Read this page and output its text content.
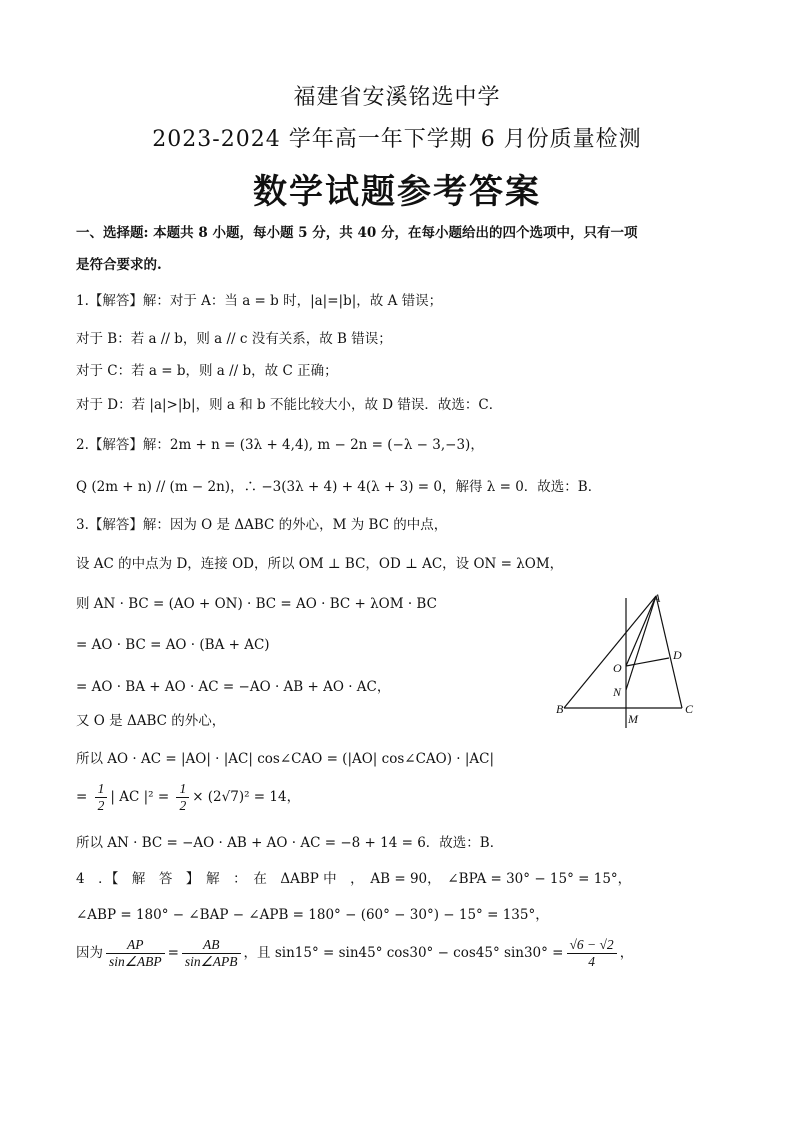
福建省安溪铭选中学
2023-2024 学年高一年下学期 6 月份质量检测
数学试题参考答案
一、选择题: 本题共 8 小题，每小题 5 分，共 40 分，在每小题给出的四个选项中，只有一项
是符合要求的.
1.【解答】解：对于 A：当 a = b 时，|a|=|b|，故 A 错误；
对于 B：若 a // b，则 a // c 没有关系，故 B 错误；
对于 C：若 a = b，则 a // b，故 C 正确；
对于 D：若 |a|>|b|，则 a 和 b 不能比较大小，故 D 错误．故选：C．
2.【解答】解：2m + n = (3λ + 4,4), m − 2n = (−λ − 3,−3)，
Q (2m + n) // (m − 2n)，∴ −3(3λ + 4) + 4(λ + 3) = 0，解得 λ = 0．故选：B．
3.【解答】解：因为 O 是 ΔABC 的外心，M 为 BC 的中点，
设 AC 的中点为 D，连接 OD，所以 OM ⊥ BC，OD ⊥ AC，设 ON = λOM，
则 AN · BC = (AO + ON) · BC = AO · BC + λOM · BC
= AO · BC = AO · (BA + AC)
= AO · BA + AO · AC = −AO · AB + AO · AC，
又 O 是 ΔABC 的外心，
所以 AO · AC = |AO| · |AC| cos∠CAO = (|AO| cos∠CAO) · |AC|
= $\frac{1}{2}$ | AC $|^2 = \frac{1}{2} \times (2√7)^2 = 14$，
所以 AN · BC = −AO · AB + AO · AC = −8 + 14 = 6．故选：B．
4　．【　解　答　】　解　：　在　ΔABP 中　，　AB = 90，　∠BPA = 30° − 15° = 15°，
∠ABP = 180° − ∠BAP − ∠APB = 180° − (60° − 30°) − 15° = 135°，
因为 $\frac{AP}{\text{sin∠ABP}} = \frac{AB}{\text{sin∠APB}}$ ，且 sin15° = sin45° cos30° − cos45° $\sin 30^\circ = \frac{√6 - √2}{4}$ ，
A
B	C
D
O
N
M
